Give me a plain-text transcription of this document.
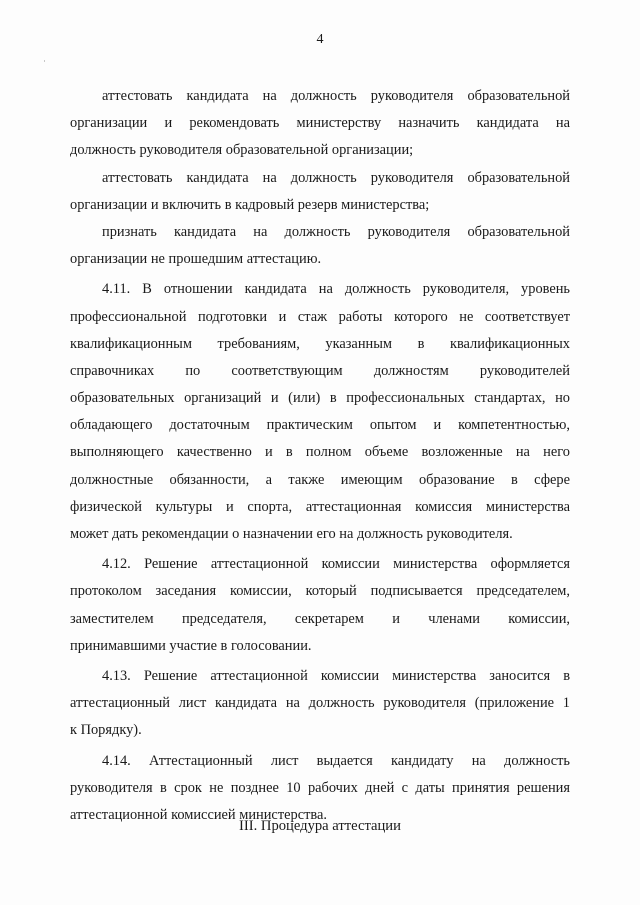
4
аттестовать кандидата на должность руководителя образовательной
организации и рекомендовать министерству назначить кандидата на
должность руководителя образовательной организации;
аттестовать кандидата на должность руководителя образовательной
организации и включить в кадровый резерв министерства;
признать кандидата на должность руководителя образовательной
организации не прошедшим аттестацию.
4.11. В отношении кандидата на должность руководителя, уровень
профессиональной подготовки и стаж работы которого не соответствует
квалификационным требованиям, указанным в квалификационных
справочниках по соответствующим должностям руководителей
образовательных организаций и (или) в профессиональных стандартах, но
обладающего достаточным практическим опытом и компетентностью,
выполняющего качественно и в полном объеме возложенные на него
должностные обязанности, а также имеющим образование в сфере
физической культуры и спорта, аттестационная комиссия министерства
может дать рекомендации о назначении его на должность руководителя.
4.12. Решение аттестационной комиссии министерства оформляется
протоколом заседания комиссии, который подписывается председателем,
заместителем председателя, секретарем и членами комиссии,
принимавшими участие в голосовании.
4.13. Решение аттестационной комиссии министерства заносится в
аттестационный лист кандидата на должность руководителя (приложение 1
к Порядку).
4.14. Аттестационный лист выдается кандидату на должность
руководителя в срок не позднее 10 рабочих дней с даты принятия решения
аттестационной комиссией министерства.
III. Процедура аттестации
